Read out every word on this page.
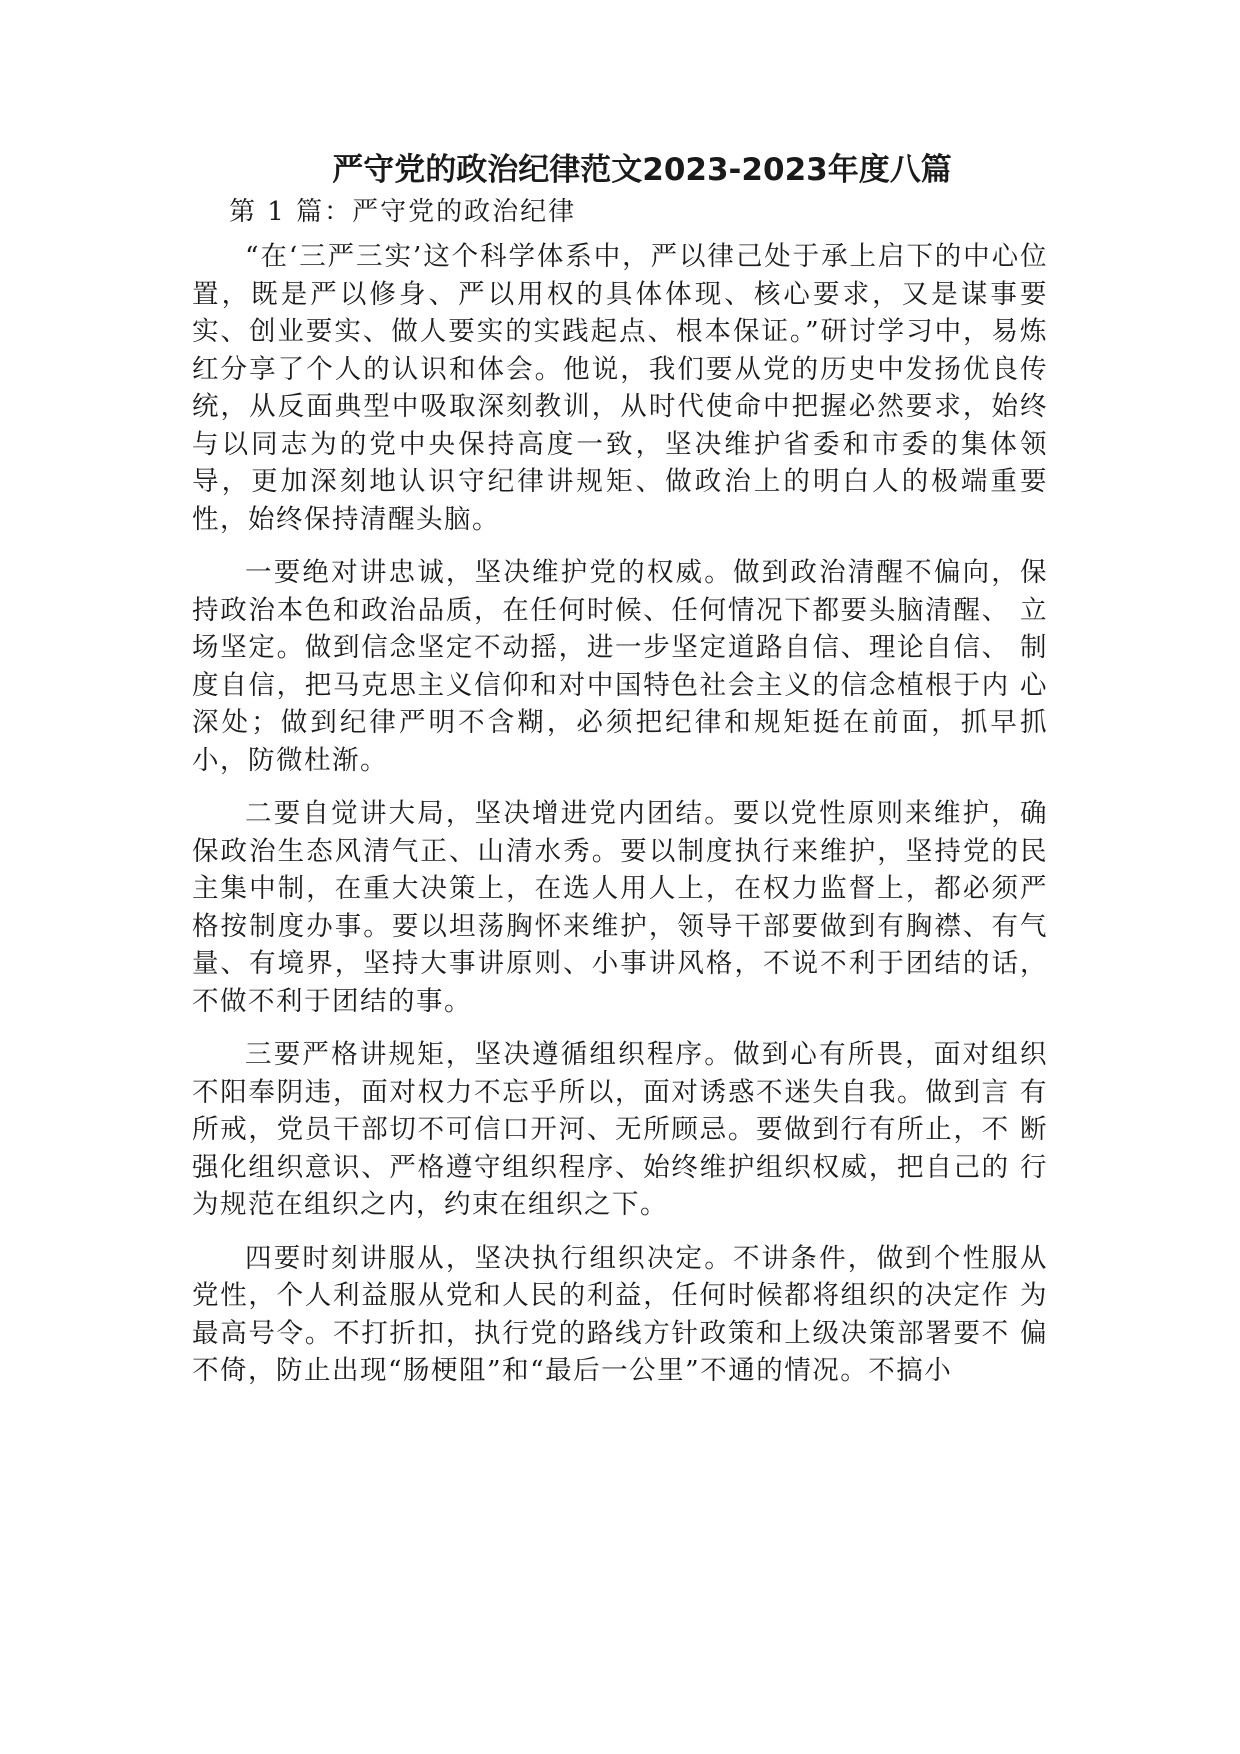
严守党的政治纪律范文2023-2023年度八篇

第 1 篇：严守党的政治纪律

“在‘三严三实’这个科学体系中，严以律己处于承上启下的中心位置，既是严以修身、严以用权的具体体现、核心要求，又是谋事要实、创业要实、做人要实的实践起点、根本保证。”研讨学习中，易炼红分享了个人的认识和体会。他说，我们要从党的历史中发扬优良传统，从反面典型中吸取深刻教训，从时代使命中把握必然要求，始终与以同志为的党中央保持高度一致，坚决维护省委和市委的集体领导，更加深刻地认识守纪律讲规矩、做政治上的明白人的极端重要性，始终保持清醒头脑。

一要绝对讲忠诚，坚决维护党的权威。做到政治清醒不偏向，保持政治本色和政治品质，在任何时候、任何情况下都要头脑清醒、 立场坚定。做到信念坚定不动摇，进一步坚定道路自信、理论自信、 制度自信，把马克思主义信仰和对中国特色社会主义的信念植根于内 心深处；做到纪律严明不含糊，必须把纪律和规矩挺在前面，抓早抓 小，防微杜渐。

二要自觉讲大局，坚决增进党内团结。要以党性原则来维护，确保政治生态风清气正、山清水秀。要以制度执行来维护，坚持党的民主集中制，在重大决策上，在选人用人上，在权力监督上，都必须严格按制度办事。要以坦荡胸怀来维护，领导干部要做到有胸襟、有气量、有境界，坚持大事讲原则、小事讲风格，不说不利于团结的话，不做不利于团结的事。

三要严格讲规矩，坚决遵循组织程序。做到心有所畏，面对组织不阳奉阴违，面对权力不忘乎所以，面对诱惑不迷失自我。做到言 有所戒，党员干部切不可信口开河、无所顾忌。要做到行有所止，不 断强化组织意识、严格遵守组织程序、始终维护组织权威，把自己的 行为规范在组织之内，约束在组织之下。

四要时刻讲服从，坚决执行组织决定。不讲条件，做到个性服从党性，个人利益服从党和人民的利益，任何时候都将组织的决定作 为最高号令。不打折扣，执行党的路线方针政策和上级决策部署要不 偏不倚，防止出现“肠梗阻”和“最后一公里”不通的情况。不搞小
